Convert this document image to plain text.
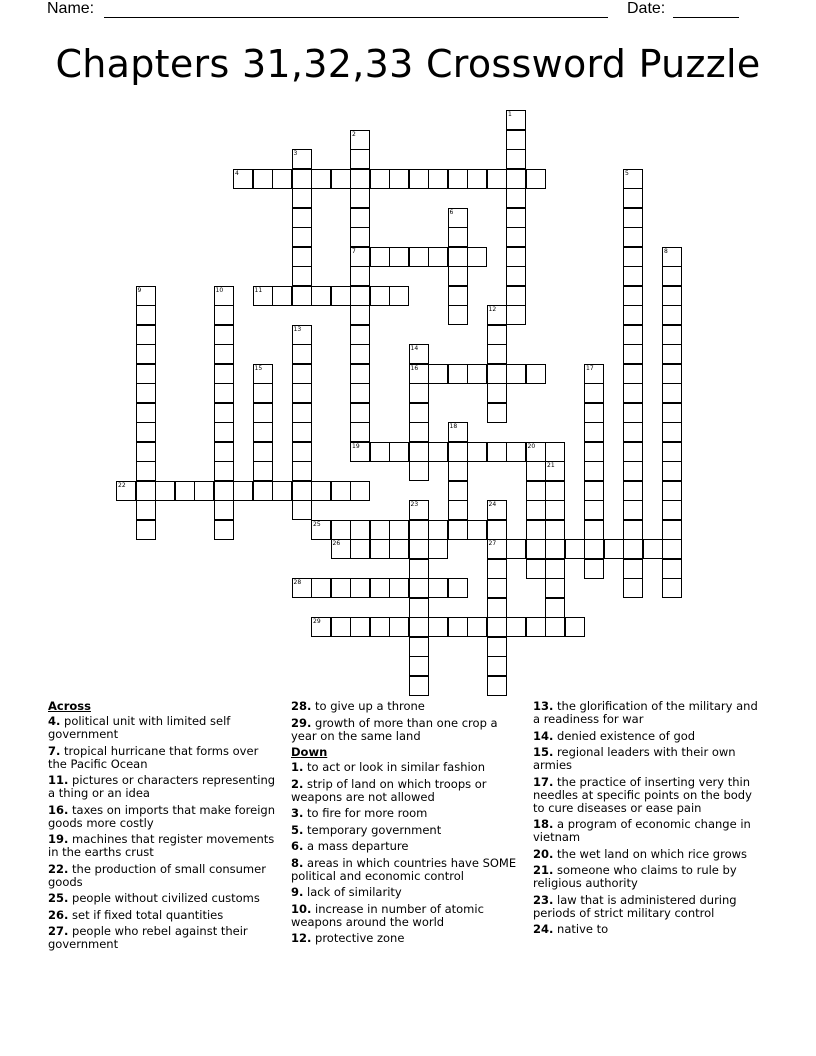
Name:	Date:
Chapters 31,32,33 Crossword Puzzle
1
2
7
19
3
4	5
6
8
9	10	11
12
13
14
16
15	17
18
20
21
22
23	24
27
25
26
28
29
Across
4. political unit with limited self government
7. tropical hurricane that forms over the Pacific Ocean
11. pictures or characters representing a thing or an idea
16. taxes on imports that make foreign goods more costly
19. machines that register movements in the earths crust
22. the production of small consumer goods
25. people without civilized customs
26. set if fixed total quantities
27. people who rebel against their government
28. to give up a throne
29. growth of more than one crop a year on the same land
Down
1. to act or look in similar fashion
2. strip of land on which troops or weapons are not allowed
3. to fire for more room
5. temporary government
6. a mass departure
8. areas in which countries have SOME political and economic control
9. lack of similarity
10. increase in number of atomic weapons around the world
12. protective zone
13. the glorification of the military and a readiness for war
14. denied existence of god
15. regional leaders with their own armies
17. the practice of inserting very thin needles at specific points on the body to cure diseases or ease pain
18. a program of economic change in vietnam
20. the wet land on which rice grows
21. someone who claims to rule by religious authority
23. law that is administered during periods of strict military control
24. native to
